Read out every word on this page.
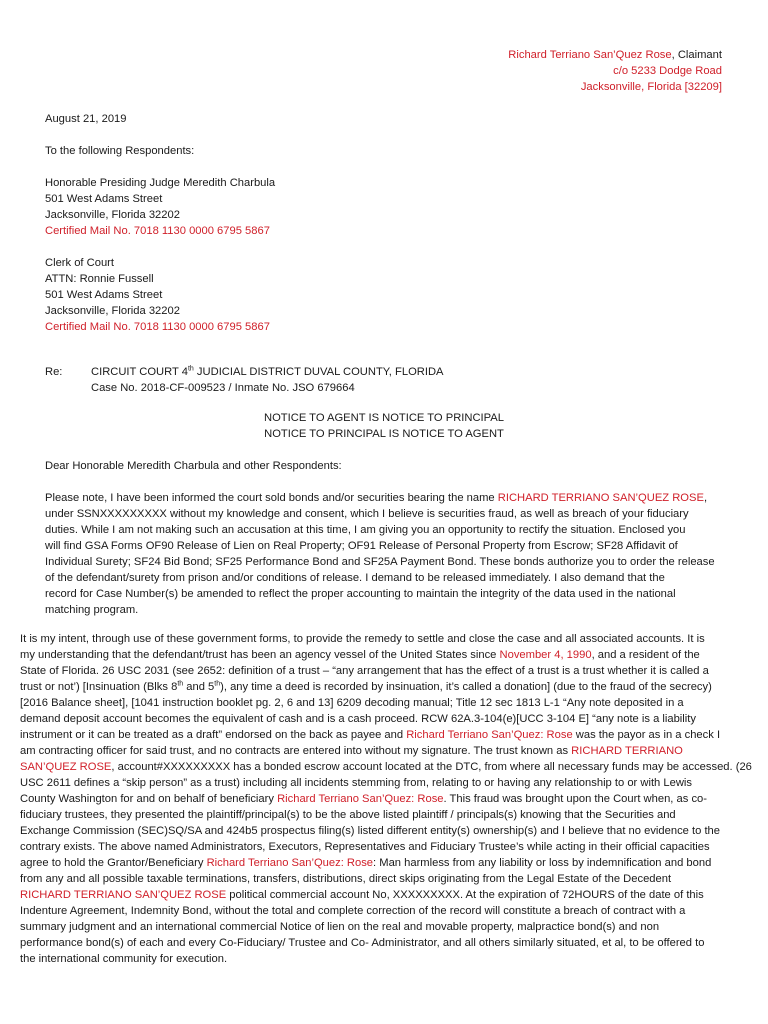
Richard Terriano San’Quez Rose, Claimant
c/o 5233 Dodge Road
Jacksonville, Florida [32209]
August 21, 2019
To the following Respondents:
Honorable Presiding Judge Meredith Charbula
501 West Adams Street
Jacksonville, Florida 32202
Certified Mail No. 7018 1130 0000 6795 5867
Clerk of Court
ATTN: Ronnie Fussell
501 West Adams Street
Jacksonville, Florida 32202
Certified Mail No. 7018 1130 0000 6795 5867
Re:	CIRCUIT COURT 4th JUDICIAL DISTRICT DUVAL COUNTY, FLORIDA
Case No. 2018-CF-009523 / Inmate No. JSO 679664
NOTICE TO AGENT IS NOTICE TO PRINCIPAL
NOTICE TO PRINCIPAL IS NOTICE TO AGENT
Dear Honorable Meredith Charbula and other Respondents:
Please note, I have been informed the court sold bonds and/or securities bearing the name RICHARD TERRIANO SAN’QUEZ ROSE,
under SSNXXXXXXXXX without my knowledge and consent, which I believe is securities fraud, as well as breach of your fiduciary
duties. While I am not making such an accusation at this time, I am giving you an opportunity to rectify the situation. Enclosed you
will find GSA Forms OF90 Release of Lien on Real Property; OF91 Release of Personal Property from Escrow; SF28 Affidavit of
Individual Surety; SF24 Bid Bond; SF25 Performance Bond and SF25A Payment Bond. These bonds authorize you to order the release
of the defendant/surety from prison and/or conditions of release. I demand to be released immediately. I also demand that the
record for Case Number(s) be amended to reflect the proper accounting to maintain the integrity of the data used in the national
matching program.
It is my intent, through use of these government forms, to provide the remedy to settle and close the case and all associated accounts. It is
my understanding that the defendant/trust has been an agency vessel of the United States since November 4, 1990, and a resident of the
State of Florida. 26 USC 2031 (see 2652: definition of a trust – “any arrangement that has the effect of a trust is a trust whether it is called a
trust or not’) [Insinuation (Blks 8th and 5th), any time a deed is recorded by insinuation, it’s called a donation] (due to the fraud of the secrecy)
[2016 Balance sheet], [1041 instruction booklet pg. 2, 6 and 13] 6209 decoding manual; Title 12 sec 1813 L-1 “Any note deposited in a
demand deposit account becomes the equivalent of cash and is a cash proceed. RCW 62A.3-104(e)[UCC 3-104 E] “any note is a liability
instrument or it can be treated as a draft” endorsed on the back as payee and Richard Terriano San’Quez: Rose was the payor as in a check I
am contracting officer for said trust, and no contracts are entered into without my signature. The trust known as RICHARD TERRIANO
SAN’QUEZ ROSE, account#XXXXXXXXX has a bonded escrow account located at the DTC, from where all necessary funds may be accessed. (26
USC 2611 defines a “skip person” as a trust) including all incidents stemming from, relating to or having any relationship to or with Lewis
County Washington for and on behalf of beneficiary Richard Terriano San’Quez: Rose. This fraud was brought upon the Court when, as co-
fiduciary trustees, they presented the plaintiff/principal(s) to be the above listed plaintiff / principals(s) knowing that the Securities and
Exchange Commission (SEC)SQ/SA and 424b5 prospectus filing(s) listed different entity(s) ownership(s) and I believe that no evidence to the
contrary exists. The above named Administrators, Executors, Representatives and Fiduciary Trustee’s while acting in their official capacities
agree to hold the Grantor/Beneficiary Richard Terriano San’Quez: Rose: Man harmless from any liability or loss by indemnification and bond
from any and all possible taxable terminations, transfers, distributions, direct skips originating from the Legal Estate of the Decedent
RICHARD TERRIANO SAN’QUEZ ROSE political commercial account No, XXXXXXXXX. At the expiration of 72HOURS of the date of this
Indenture Agreement, Indemnity Bond, without the total and complete correction of the record will constitute a breach of contract with a
summary judgment and an international commercial Notice of lien on the real and movable property, malpractice bond(s) and non
performance bond(s) of each and every Co-Fiduciary/ Trustee and Co- Administrator, and all others similarly situated, et al, to be offered to
the international community for execution.
